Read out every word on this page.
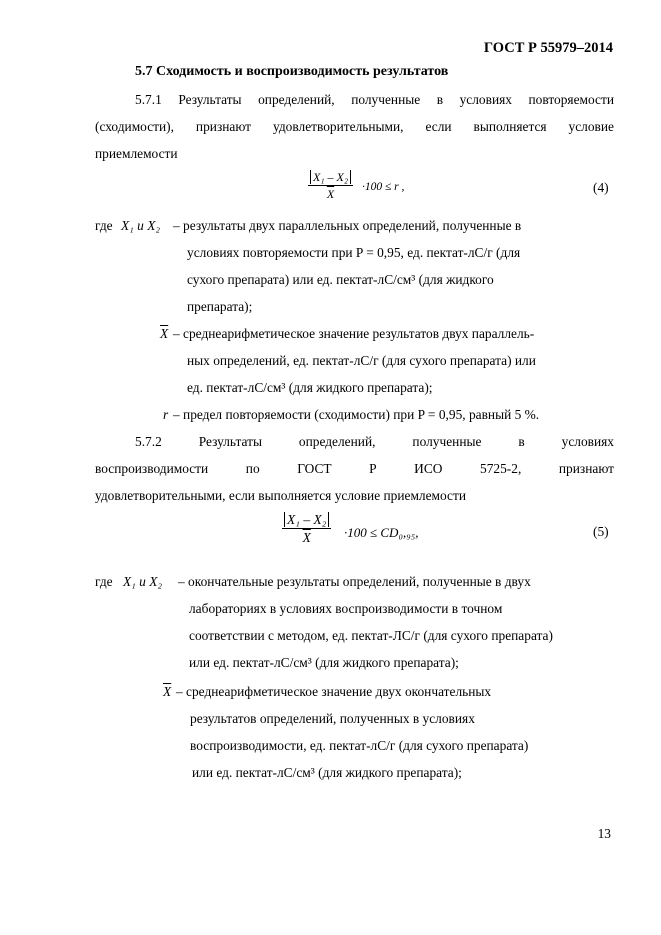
ГОСТ Р 55979–2014
5.7 Сходимость и воспроизводимость результатов
5.7.1 Результаты определений, полученные в условиях повторяемости
(сходимости), признают удовлетворительными, если выполняется условие
приемлемости
$\frac{\text{X₁ – X₂}}{X} \cdot 100 \le r$ ,	(4)
где X₁ и X₂ – результаты двух параллельных определений, полученные в
условиях повторяемости при P = 0,95, ед. пектат-лС/г (для
сухого препарата) или ед. пектат-лС/см³ (для жидкого
препарата);
$\overline{X}$ – среднеарифметическое значение результатов двух параллель-
ных определений, ед. пектат-лС/г (для сухого препарата) или
ед. пектат-лС/см³ (для жидкого препарата);
r – предел повторяемости (сходимости) при P = 0,95, равный 5 %.
5.7.2 Результаты определений, полученные в условиях
воспроизводимости по ГОСТ Р ИСО 5725-2, признают
удовлетворительными, если выполняется условие приемлемости
$\frac{\text{X₁ – X₂}}{X} \cdot 100 \le CD_0,_{95}$,	(5)
где X₁ и X₂ – окончательные результаты определений, полученные в двух
лабораториях в условиях воспроизводимости в точном
соответствии с методом, ед. пектат-ЛС/г (для сухого препарата)
или ед. пектат-лС/см³ (для жидкого препарата);
$\overline{X}$ – среднеарифметическое значение двух окончательных
результатов определений, полученных в условиях
воспроизводимости, ед. пектат-лС/г (для сухого препарата)
или ед. пектат-лС/см³ (для жидкого препарата);
13
